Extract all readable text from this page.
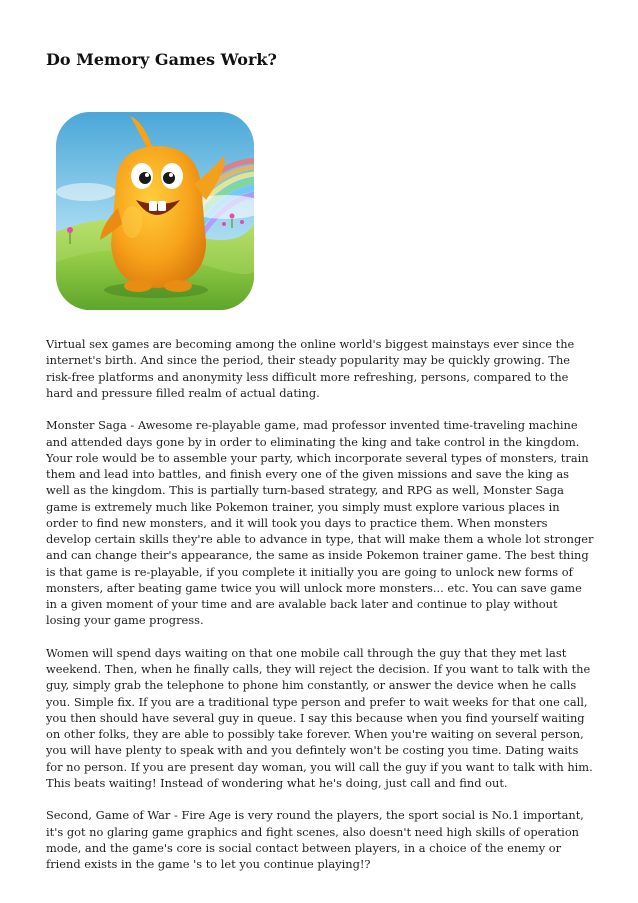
Do Memory Games Work?

Virtual sex games are becoming among the online world's biggest mainstays ever since the internet's birth. And since the period, their steady popularity may be quickly growing. The risk-free platforms and anonymity less difficult more refreshing, persons, compared to the hard and pressure filled realm of actual dating.

Monster Saga - Awesome re-playable game, mad professor invented time-traveling machine and attended days gone by in order to eliminating the king and take control in the kingdom. Your role would be to assemble your party, which incorporate several types of monsters, train them and lead into battles, and finish every one of the given missions and save the king as well as the kingdom. This is partially turn-based strategy, and RPG as well, Monster Saga game is extremely much like Pokemon trainer, you simply must explore various places in order to find new monsters, and it will took you days to practice them. When monsters develop certain skills they're able to advance in type, that will make them a whole lot stronger and can change their's appearance, the same as inside Pokemon trainer game. The best thing is that game is re-playable, if you complete it initially you are going to unlock new forms of monsters, after beating game twice you will unlock more monsters... etc. You can save game in a given moment of your time and are avalable back later and continue to play without losing your game progress.

Women will spend days waiting on that one mobile call through the guy that they met last weekend. Then, when he finally calls, they will reject the decision. If you want to talk with the guy, simply grab the telephone to phone him constantly, or answer the device when he calls you. Simple fix. If you are a traditional type person and prefer to wait weeks for that one call, you then should have several guy in queue. I say this because when you find yourself waiting on other folks, they are able to possibly take forever. When you're waiting on several person, you will have plenty to speak with and you defintely won't be costing you time. Dating waits for no person. If you are present day woman, you will call the guy if you want to talk with him. This beats waiting! Instead of wondering what he's doing, just call and find out.

Second, Game of War - Fire Age is very round the players, the sport social is No.1 important, it's got no glaring game graphics and fight scenes, also doesn't need high skills of operation mode, and the game's core is social contact between players, in a choice of the enemy or friend exists in the game 's to let you continue playing!?
